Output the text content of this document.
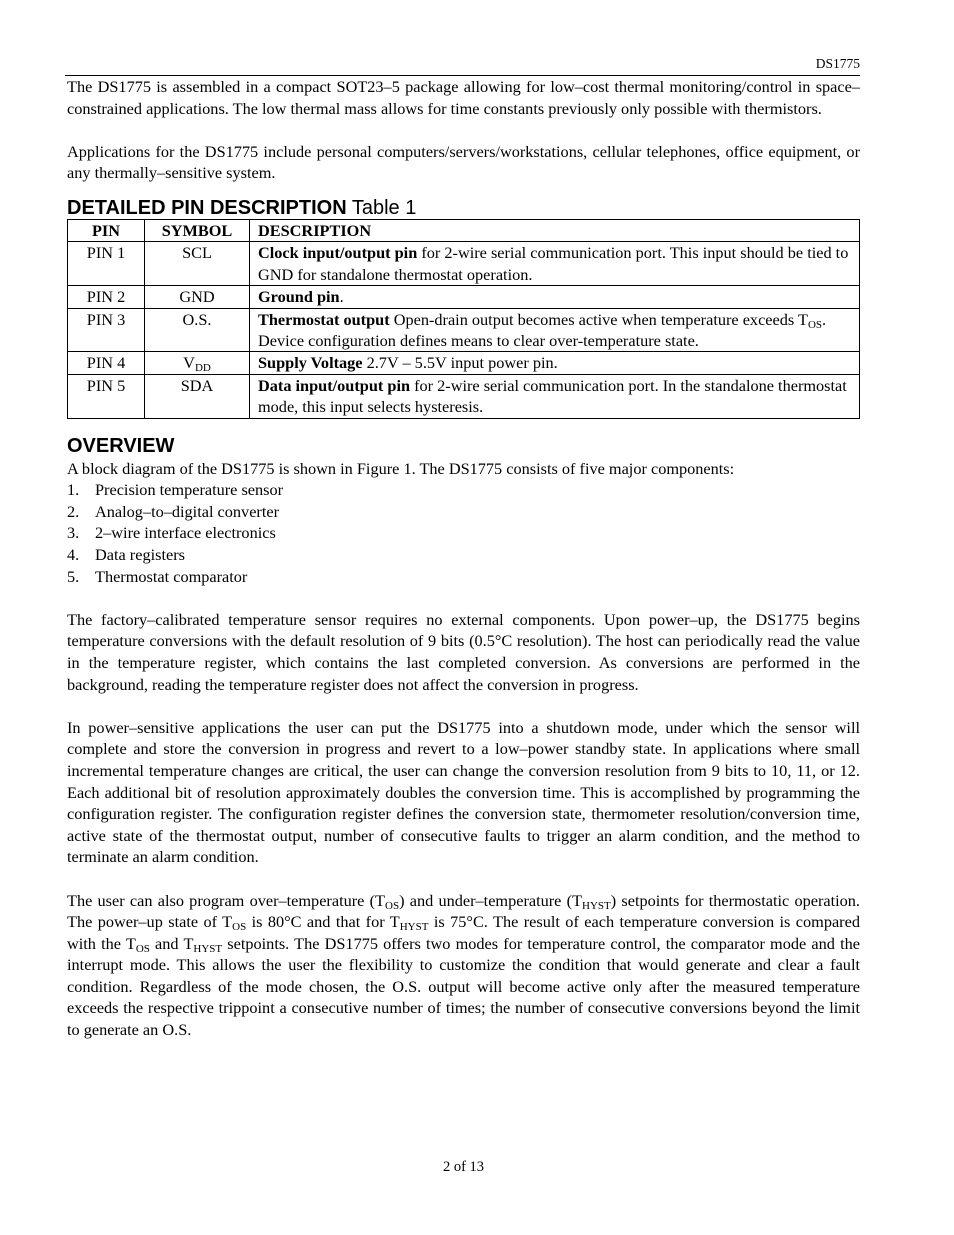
DS1775

The DS1775 is assembled in a compact SOT23–5 package allowing for low–cost thermal monitoring/control in space–constrained applications. The low thermal mass allows for time constants previously only possible with thermistors.

Applications for the DS1775 include personal computers/servers/workstations, cellular telephones, office equipment, or any thermally–sensitive system.

DETAILED PIN DESCRIPTION Table 1
PIN	SYMBOL	DESCRIPTION
PIN 1	SCL	Clock input/output pin for 2-wire serial communication port. This input should be tied to GND for standalone thermostat operation.
PIN 2	GND	Ground pin.
PIN 3	O.S.	Thermostat output Open-drain output becomes active when temperature exceeds $T_{OS}$. Device configuration defines means to clear over-temperature state.
PIN 4	$V_{DD}$	Supply Voltage 2.7V – 5.5V input power pin.
PIN 5	SDA	Data input/output pin for 2-wire serial communication port. In the standalone thermostat mode, this input selects hysteresis.
OVERVIEW

A block diagram of the DS1775 is shown in Figure 1. The DS1775 consists of five major components:

1. Precision temperature sensor
2. Analog–to–digital converter
3. 2–wire interface electronics
4. Data registers
5. Thermostat comparator

The factory–calibrated temperature sensor requires no external components. Upon power–up, the DS1775 begins temperature conversions with the default resolution of 9 bits (0.5°C resolution). The host can periodically read the value in the temperature register, which contains the last completed conversion. As conversions are performed in the background, reading the temperature register does not affect the conversion in progress.

In power–sensitive applications the user can put the DS1775 into a shutdown mode, under which the sensor will complete and store the conversion in progress and revert to a low–power standby state. In applications where small incremental temperature changes are critical, the user can change the conversion resolution from 9 bits to 10, 11, or 12. Each additional bit of resolution approximately doubles the conversion time. This is accomplished by programming the configuration register. The configuration register defines the conversion state, thermometer resolution/conversion time, active state of the thermostat output, number of consecutive faults to trigger an alarm condition, and the method to terminate an alarm condition.

The user can also program over–temperature $(T_{OS})$ and under–temperature $(T_{HYST})$ setpoints for thermostatic operation. The power–up state of $T_{OS}$ is 80°C and that for $T_{HYST}$ is 75°C. The result of each temperature conversion is compared with the $T_{OS}$ and $T_{HYST}$ setpoints. The DS1775 offers two modes for temperature control, the comparator mode and the interrupt mode. This allows the user the flexibility to customize the condition that would generate and clear a fault condition. Regardless of the mode chosen, the O.S. output will become active only after the measured temperature exceeds the respective trippoint a consecutive number of times; the number of consecutive conversions beyond the limit to generate an O.S.

2 of 13
